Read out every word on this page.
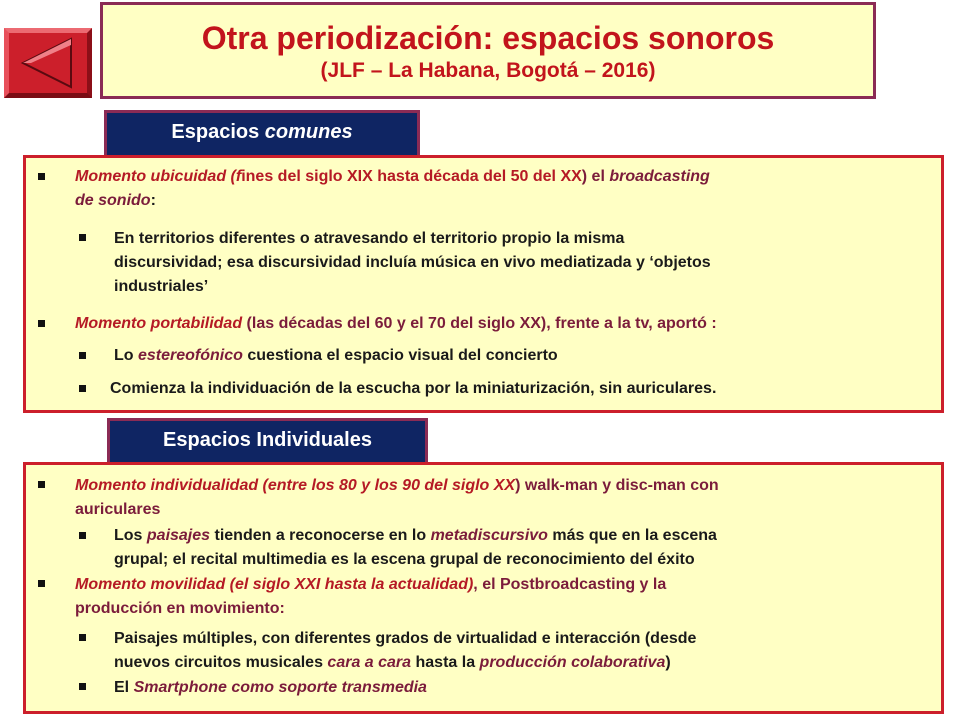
Otra periodización: espacios sonoros
(JLF – La Habana, Bogotá – 2016)
Espacios comunes
Momento ubicuidad (fines del siglo XIX hasta década del 50 del XX) el broadcasting
de sonido:
En territorios diferentes o atravesando el territorio propio la misma
discursividad; esa discursividad incluía música en vivo mediatizada y ‘objetos
industriales’
Momento portabilidad (las décadas del 60 y el 70 del siglo XX), frente a la tv, aportó :
Lo estereofónico cuestiona el espacio visual del concierto
Comienza la individuación de la escucha por la miniaturización, sin auriculares.
Espacios Individuales
Momento individualidad (entre los 80 y los 90 del siglo XX) walk-man y disc-man con
auriculares
Los paisajes tienden a reconocerse en lo metadiscursivo más que en la escena
grupal; el recital multimedia es la escena grupal de reconocimiento del éxito
Momento movilidad (el siglo XXI hasta la actualidad), el Postbroadcasting y la
producción en movimiento:
Paisajes múltiples, con diferentes grados de virtualidad e interacción (desde
nuevos circuitos musicales cara a cara hasta la producción colaborativa)
El Smartphone como soporte transmedia
